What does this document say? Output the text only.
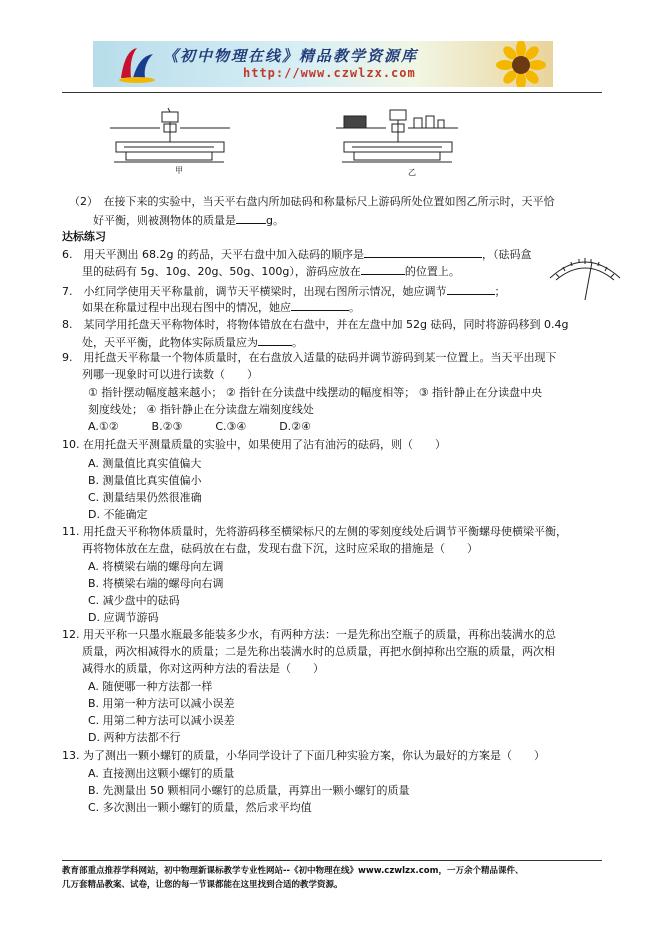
《初中物理在线》精品教学资源库
http://www.czwlzx.com
甲	乙
（2）　 在接下来的实验中，当天平右盘内所加砝码和称量标尺上游码所处位置如图乙所示时，天平恰
好平衡，则被测物体的质量是	g。
达标练习
6.　用天平测出 68.2g 的药品，天平右盘中加入砝码的顺序是	，（砝码盒
里的砝码有 5g、10g、20g、50g、100g），游码应放在	的位置上。
7.　小红同学使用天平称量前，调节天平横梁时，出现右图所示情况，她应调节	；
如果在称量过程中出现右图中的情况，她应	。
8.　某同学用托盘天平称物体时，将物体错放在右盘中，并在左盘中加 52g 砝码，同时将游码移到 0.4g
处，天平平衡，此物体实际质量应为	。
9.　用托盘天平称量一个物体质量时，在右盘放入适量的砝码并调节游码到某一位置上。当天平出现下
列哪一现象时可以进行读数（　　）
① 指针摆动幅度越来越小； ② 指针在分读盘中线摆动的幅度相等； ③ 指针静止在分读盘中央
刻度线处； ④ 指针静止在分读盘左端刻度线处
A.①②　　　B.②③　　　C.③④　　　D.②④
10. 在用托盘天平测量质量的实验中，如果使用了沾有油污的砝码，则（　　）
A. 测量值比真实值偏大
B. 测量值比真实值偏小
C. 测量结果仍然很准确
D. 不能确定
11. 用托盘天平称物体质量时，先将游码移至横梁标尺的左侧的零刻度线处后调节平衡螺母使横梁平衡，
再将物体放在左盘，砝码放在右盘，发现右盘下沉，这时应采取的措施是（　　）
A. 将横梁右端的螺母向左调
B. 将横梁右端的螺母向右调
C. 减少盘中的砝码
D. 应调节游码
12. 用天平称一只墨水瓶最多能装多少水，有两种方法：一是先称出空瓶子的质量，再称出装满水的总
质量，两次相减得水的质量；二是先称出装满水时的总质量，再把水倒掉称出空瓶的质量，两次相
减得水的质量，你对这两种方法的看法是（　　）
A. 随便哪一种方法都一样
B. 用第一种方法可以减小误差
C. 用第二种方法可以减小误差
D. 两种方法都不行
13. 为了测出一颗小螺钉的质量，小华同学设计了下面几种实验方案，你认为最好的方案是（　　）
A. 直接测出这颗小螺钉的质量
B. 先测量出 50 颗相同小螺钉的总质量，再算出一颗小螺钉的质量
C. 多次测出一颗小螺钉的质量，然后求平均值
教育部重点推荐学科网站，初中物理新课标教学专业性网站--《初中物理在线》www.czwlzx.com，一万余个精品课件、
几万套精品教案、试卷，让您的每一节课都能在这里找到合适的教学资源。
